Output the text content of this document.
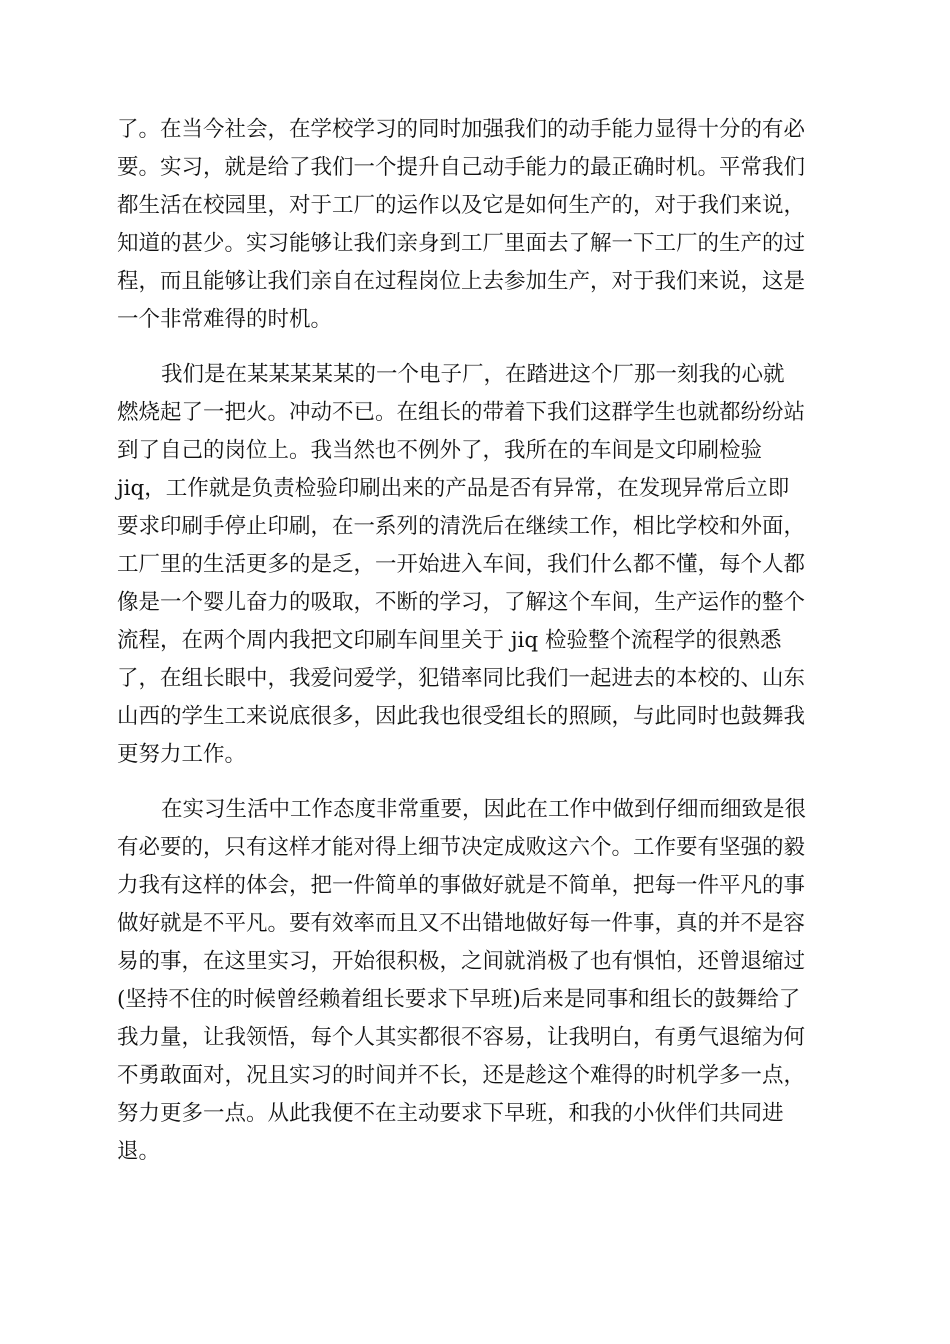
了。在当今社会，在学校学习的同时加强我们的动手能力显得十分的有必
要。实习，就是给了我们一个提升自己动手能力的最正确时机。平常我们
都生活在校园里，对于工厂的运作以及它是如何生产的，对于我们来说，
知道的甚少。实习能够让我们亲身到工厂里面去了解一下工厂的生产的过
程，而且能够让我们亲自在过程岗位上去参加生产，对于我们来说，这是
一个非常难得的时机。
我们是在某某某某某的一个电子厂，在踏进这个厂那一刻我的心就
燃烧起了一把火。冲动不已。在组长的带着下我们这群学生也就都纷纷站
到了自己的岗位上。我当然也不例外了，我所在的车间是文印刷检验
jiq，工作就是负责检验印刷出来的产品是否有异常，在发现异常后立即
要求印刷手停止印刷，在一系列的清洗后在继续工作，相比学校和外面，
工厂里的生活更多的是乏，一开始进入车间，我们什么都不懂，每个人都
像是一个婴儿奋力的吸取，不断的学习，了解这个车间，生产运作的整个
流程，在两个周内我把文印刷车间里关于 jiq 检验整个流程学的很熟悉
了，在组长眼中，我爱问爱学，犯错率同比我们一起进去的本校的、山东
山西的学生工来说底很多，因此我也很受组长的照顾，与此同时也鼓舞我
更努力工作。
在实习生活中工作态度非常重要，因此在工作中做到仔细而细致是很
有必要的，只有这样才能对得上细节决定成败这六个。工作要有坚强的毅
力我有这样的体会，把一件简单的事做好就是不简单，把每一件平凡的事
做好就是不平凡。要有效率而且又不出错地做好每一件事，真的并不是容
易的事，在这里实习，开始很积极，之间就消极了也有惧怕，还曾退缩过
(坚持不住的时候曾经赖着组长要求下早班)后来是同事和组长的鼓舞给了
我力量，让我领悟，每个人其实都很不容易，让我明白，有勇气退缩为何
不勇敢面对，况且实习的时间并不长，还是趁这个难得的时机学多一点，
努力更多一点。从此我便不在主动要求下早班，和我的小伙伴们共同进
退。
